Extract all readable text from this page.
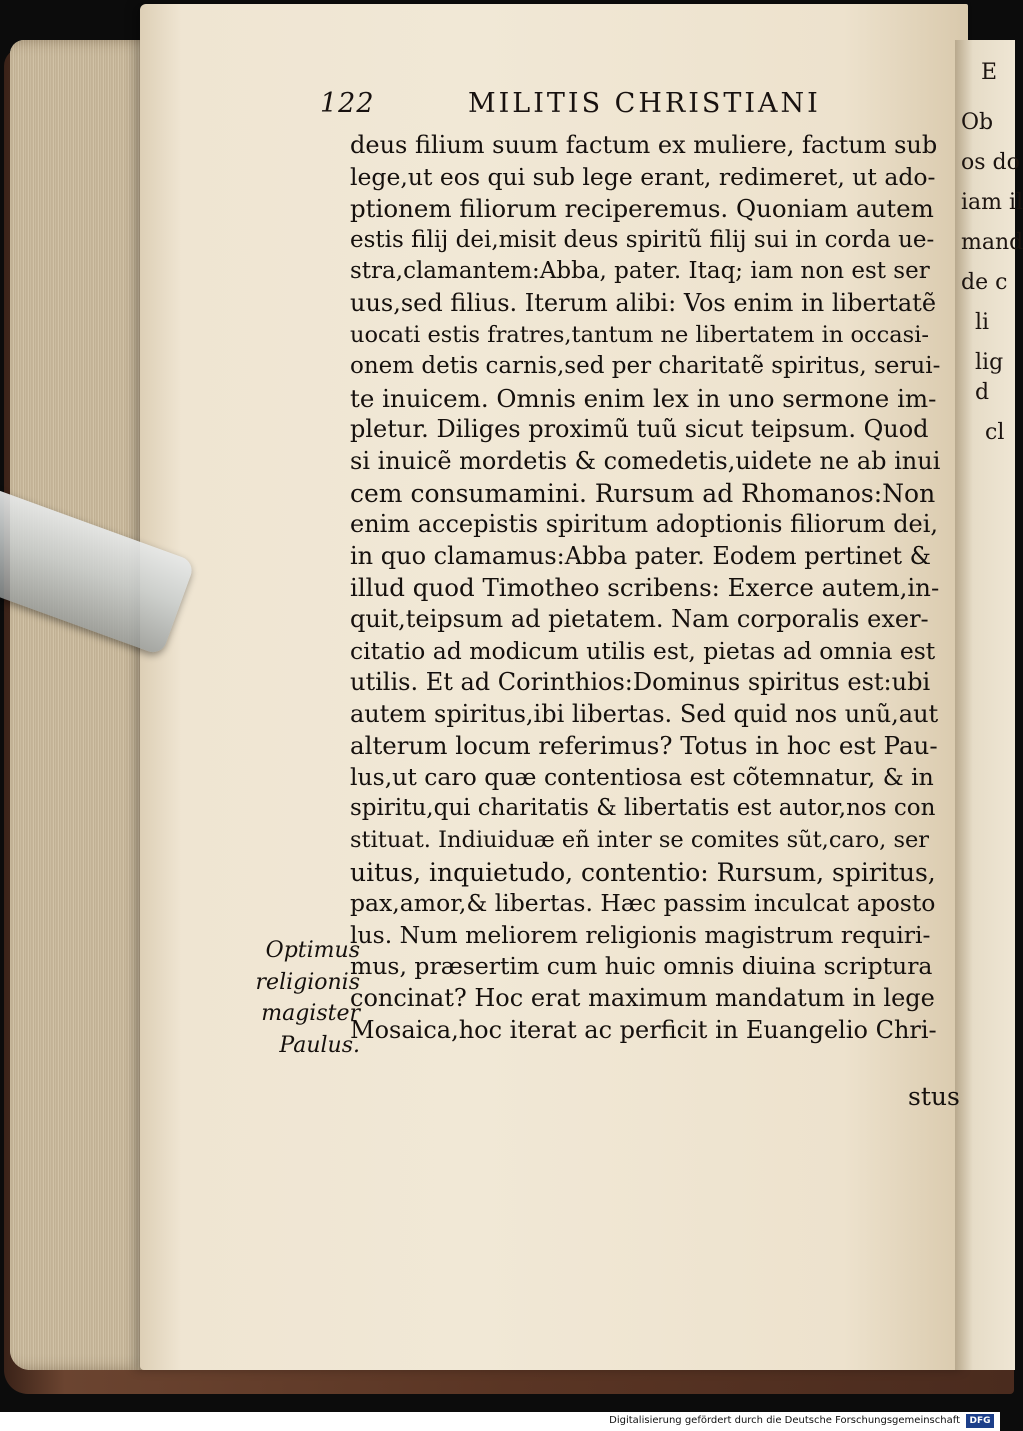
E
Ob
os do
iam il
mand
de c
li
lig
d
cl
122	MILITIS CHRISTIANI
deus filium suum factum ex muliere, factum sub
lege,ut eos qui sub lege erant, redimeret, ut ado-
ptionem filiorum reciperemus. Quoniam autem
estis filij dei,misit deus spiritũ filij sui in corda ue-
stra,clamantem:Abba, pater. Itaq; iam non est ser
uus,sed filius. Iterum alibi: Vos enim in libertatẽ
uocati estis fratres,tantum ne libertatem in occasi-
onem detis carnis,sed per charitatẽ spiritus, serui-
te inuicem. Omnis enim lex in uno sermone im-
pletur. Diliges proximũ tuũ sicut teipsum. Quod
si inuicẽ mordetis & comedetis,uidete ne ab inui
cem consumamini. Rursum ad Rhomanos:Non
enim accepistis spiritum adoptionis filiorum dei,
in quo clamamus:Abba pater. Eodem pertinet &
illud quod Timotheo scribens: Exerce autem,in-
quit,teipsum ad pietatem. Nam corporalis exer-
citatio ad modicum utilis est, pietas ad omnia est
utilis. Et ad Corinthios:Dominus spiritus est:ubi
autem spiritus,ibi libertas. Sed quid nos unũ,aut
alterum locum referimus? Totus in hoc est Pau-
lus,ut caro quæ contentiosa est cõtemnatur, & in
spiritu,qui charitatis & libertatis est autor,nos con
stituat. Indiuiduæ eñ inter se comites sũt,caro, ser
uitus, inquietudo, contentio: Rursum, spiritus,
pax,amor,& libertas. Hæc passim inculcat aposto
lus. Num meliorem religionis magistrum requiri-
mus, præsertim cum huic omnis diuina scriptura
concinat? Hoc erat maximum mandatum in lege
Mosaica,hoc iterat ac perficit in Euangelio Chri-
Optimus
religionis
magister
Paulus.
stus
Digitalisierung gefördert durch die Deutsche Forschungsgemeinschaft	DFG
